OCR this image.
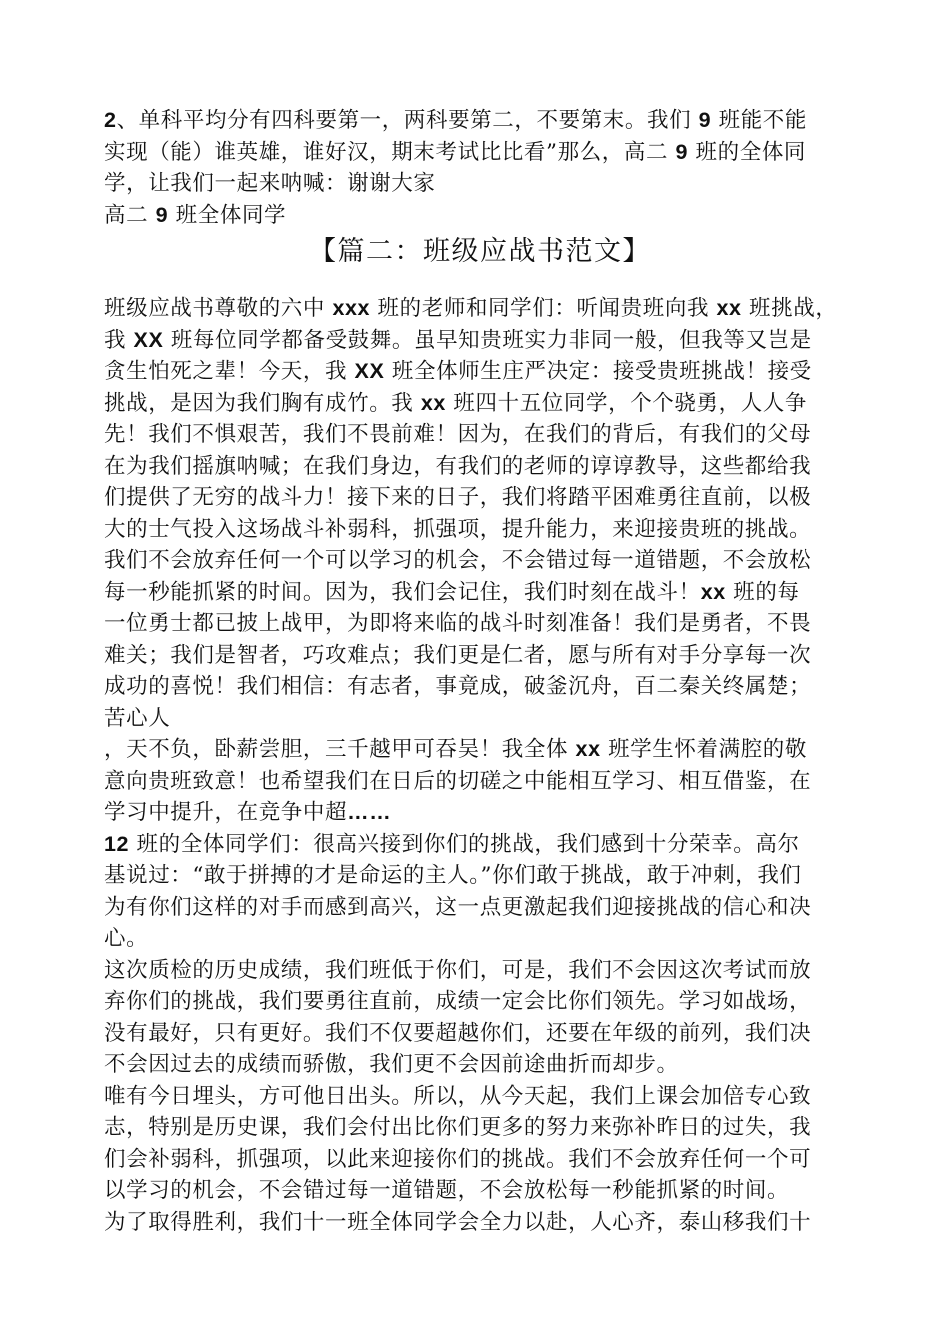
2、单科平均分有四科要第一，两科要第二，不要第末。我们 9 班能不能
实现（能）谁英雄，谁好汉，期末考试比比看”那么，高二 9 班的全体同
学，让我们一起来呐喊：谢谢大家

高二 9 班全体同学

【篇二：班级应战书范文】

班级应战书尊敬的六中 xxx 班的老师和同学们：听闻贵班向我 xx 班挑战，
我 XX 班每位同学都备受鼓舞。虽早知贵班实力非同一般，但我等又岂是
贪生怕死之辈！今天，我 XX 班全体师生庄严决定：接受贵班挑战！接受
挑战，是因为我们胸有成竹。我 xx 班四十五位同学，个个骁勇，人人争
先！我们不惧艰苦，我们不畏前难！因为，在我们的背后，有我们的父母
在为我们摇旗呐喊；在我们身边，有我们的老师的谆谆教导，这些都给我
们提供了无穷的战斗力！接下来的日子，我们将踏平困难勇往直前，以极
大的士气投入这场战斗补弱科，抓强项，提升能力，来迎接贵班的挑战。
我们不会放弃任何一个可以学习的机会，不会错过每一道错题，不会放松
每一秒能抓紧的时间。因为，我们会记住，我们时刻在战斗！xx 班的每
一位勇士都已披上战甲，为即将来临的战斗时刻准备！我们是勇者，不畏
难关；我们是智者，巧攻难点；我们更是仁者，愿与所有对手分享每一次
成功的喜悦！我们相信：有志者，事竟成，破釜沉舟，百二秦关终属楚；
苦心人

，天不负，卧薪尝胆，三千越甲可吞吴！我全体 xx 班学生怀着满腔的敬
意向贵班致意！也希望我们在日后的切磋之中能相互学习、相互借鉴，在
学习中提升，在竞争中超……

12 班的全体同学们：很高兴接到你们的挑战，我们感到十分荣幸。高尔
基说过：“敢于拼搏的才是命运的主人。”你们敢于挑战，敢于冲刺，我们
为有你们这样的对手而感到高兴，这一点更激起我们迎接挑战的信心和决
心。

这次质检的历史成绩，我们班低于你们，可是，我们不会因这次考试而放
弃你们的挑战，我们要勇往直前，成绩一定会比你们领先。学习如战场，
没有最好，只有更好。我们不仅要超越你们，还要在年级的前列，我们决
不会因过去的成绩而骄傲，我们更不会因前途曲折而却步。

唯有今日埋头，方可他日出头。所以，从今天起，我们上课会加倍专心致
志，特别是历史课，我们会付出比你们更多的努力来弥补昨日的过失，我
们会补弱科，抓强项，以此来迎接你们的挑战。我们不会放弃任何一个可
以学习的机会，不会错过每一道错题，不会放松每一秒能抓紧的时间。

为了取得胜利，我们十一班全体同学会全力以赴，人心齐，泰山移我们十
